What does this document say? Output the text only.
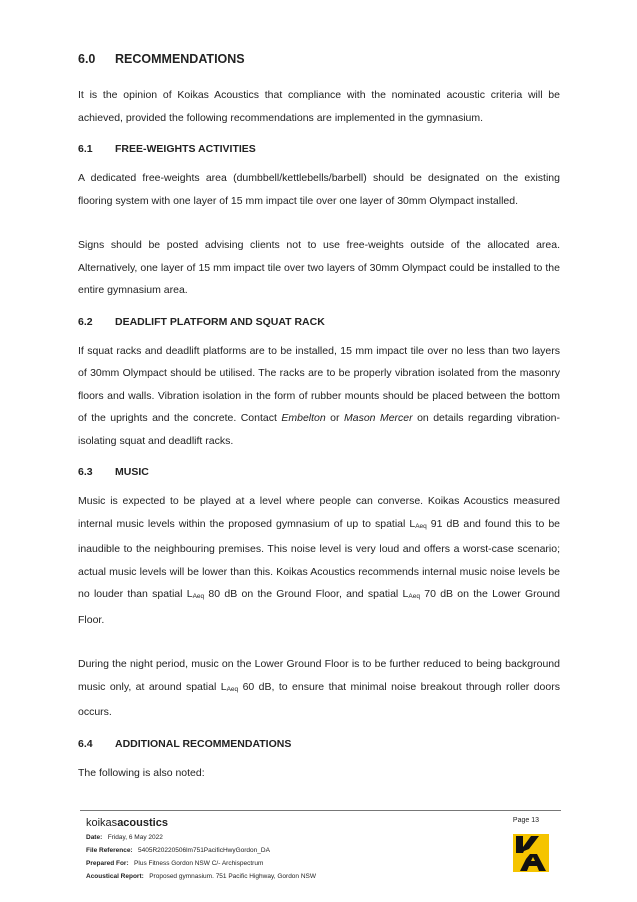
6.0	RECOMMENDATIONS

It is the opinion of Koikas Acoustics that compliance with the nominated acoustic criteria will be achieved, provided the following recommendations are implemented in the gymnasium.

6.1	FREE-WEIGHTS ACTIVITIES

A dedicated free-weights area (dumbbell/kettlebells/barbell) should be designated on the existing flooring system with one layer of 15 mm impact tile over one layer of 30mm Olympact installed.

Signs should be posted advising clients not to use free-weights outside of the allocated area. Alternatively, one layer of 15 mm impact tile over two layers of 30mm Olympact could be installed to the entire gymnasium area.

6.2	DEADLIFT PLATFORM AND SQUAT RACK

If squat racks and deadlift platforms are to be installed, 15 mm impact tile over no less than two layers of 30mm Olympact should be utilised. The racks are to be properly vibration isolated from the masonry floors and walls. Vibration isolation in the form of rubber mounts should be placed between the bottom of the uprights and the concrete. Contact Embelton or Mason Mercer on details regarding vibration-isolating squat and deadlift racks.

6.3	MUSIC

Music is expected to be played at a level where people can converse. Koikas Acoustics measured internal music levels within the proposed gymnasium of up to spatial LAeq 91 dB and found this to be inaudible to the neighbouring premises. This noise level is very loud and offers a worst-case scenario; actual music levels will be lower than this. Koikas Acoustics recommends internal music noise levels be no louder than spatial LAeq 80 dB on the Ground Floor, and spatial LAeq 70 dB on the Lower Ground Floor.

During the night period, music on the Lower Ground Floor is to be further reduced to being background music only, at around spatial LAeq 60 dB, to ensure that minimal noise breakout through roller doors occurs.

6.4	ADDITIONAL RECOMMENDATIONS

The following is also noted:

koikasacoustics	Page 13
Date: Friday, 6 May 2022
File Reference: 5405R20220506lm751PacificHwyGordon_DA
Prepared For: Plus Fitness Gordon NSW C/- Archispectrum
Acoustical Report: Proposed gymnasium. 751 Pacific Highway, Gordon NSW
